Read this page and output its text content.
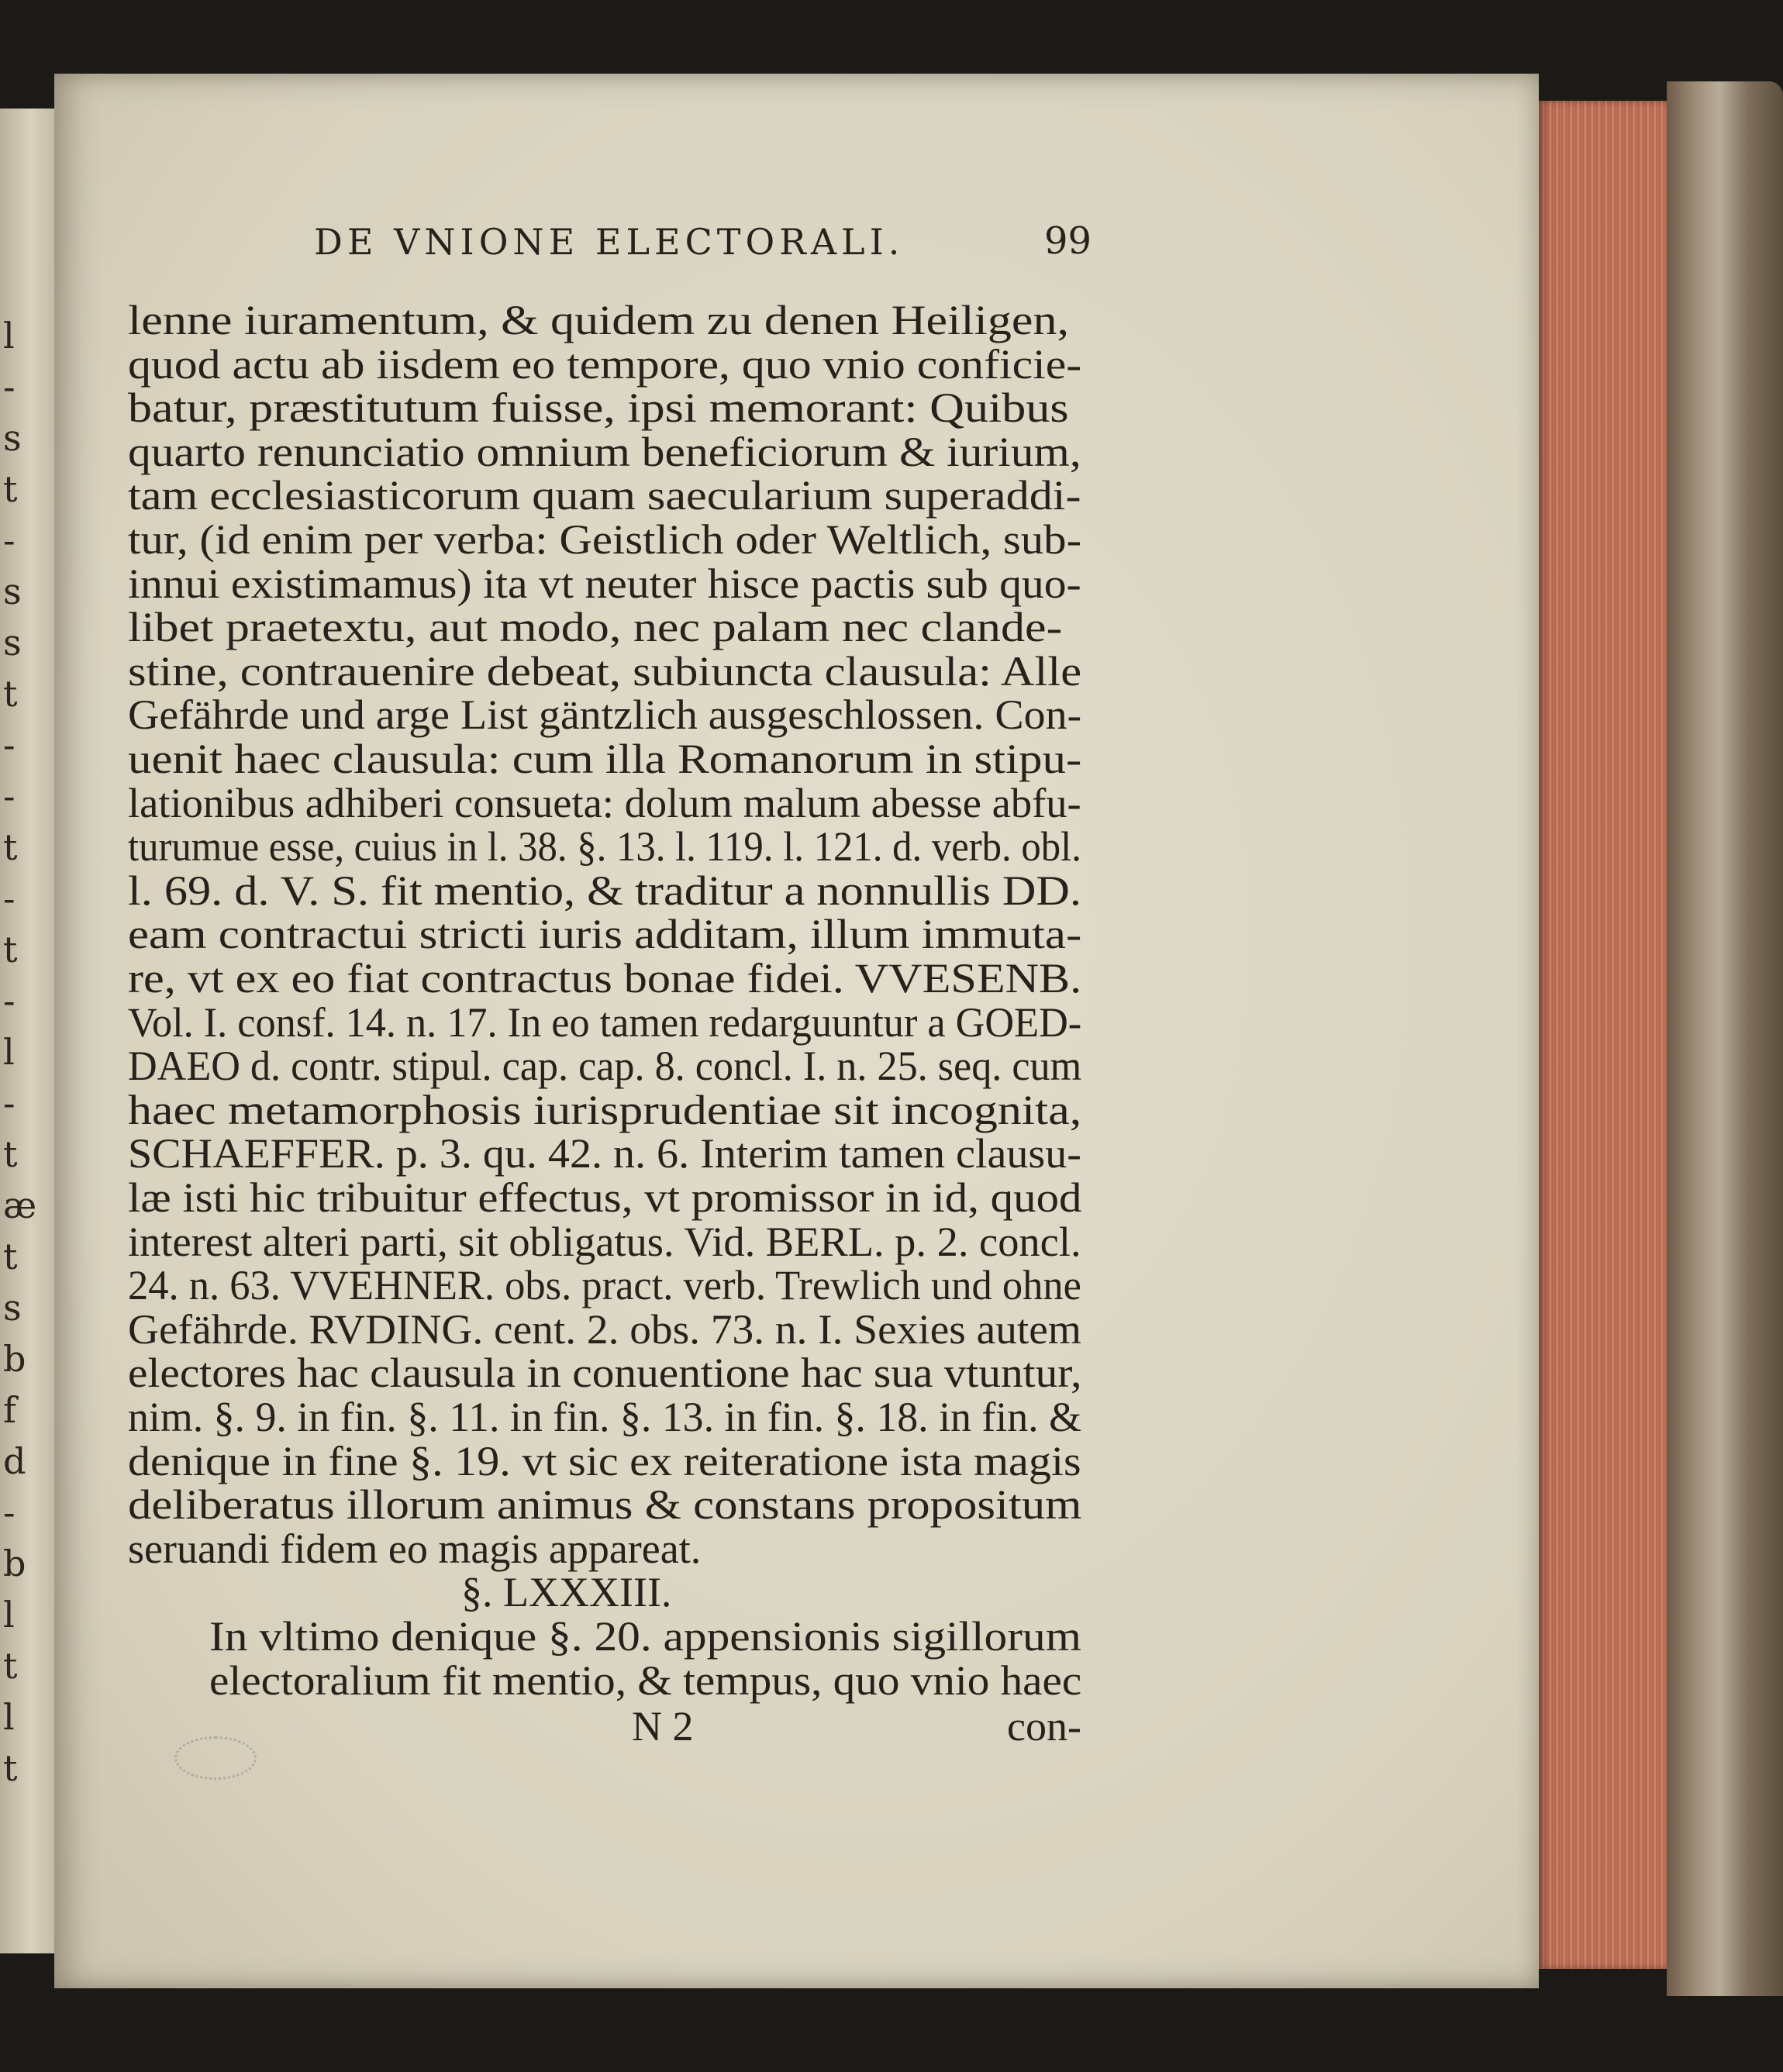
l
-
s
t
-
s
s
t
-
-
t
-
t
-
l
-
t
æ
t
s
b
f
d
-
b
l
t
l
t
DE VNIONE ELECTORALI.	99
lenne iuramentum, & quidem zu denen Heiligen,
quod actu ab iisdem eo tempore, quo vnio conficie-
batur, præstitutum fuisse, ipsi memorant: Quibus
quarto renunciatio omnium beneficiorum & iurium,
tam ecclesiasticorum quam saecularium superaddi-
tur, (id enim per verba: Geistlich oder Weltlich, sub-
innui existimamus) ita vt neuter hisce pactis sub quo-
libet praetextu, aut modo, nec palam nec clande-
stine, contrauenire debeat, subiuncta clausula: Alle
Gefährde und arge List gäntzlich ausgeschlossen. Con-
uenit haec clausula: cum illa Romanorum in stipu-
lationibus adhiberi consueta: dolum malum abesse abfu-
turumue esse, cuius in l. 38. §. 13. l. 119. l. 121. d. verb. obl.
l. 69. d. V. S. fit mentio, & traditur a nonnullis DD.
eam contractui stricti iuris additam, illum immuta-
re, vt ex eo fiat contractus bonae fidei. VVESENB.
Vol. I. consf. 14. n. 17. In eo tamen redarguuntur a GOED-
DAEO d. contr. stipul. cap. cap. 8. concl. I. n. 25. seq. cum
haec metamorphosis iurisprudentiae sit incognita,
SCHAEFFER. p. 3. qu. 42. n. 6. Interim tamen clausu-
læ isti hic tribuitur effectus, vt promissor in id, quod
interest alteri parti, sit obligatus. Vid. BERL. p. 2. concl.
24. n. 63. VVEHNER. obs. pract. verb. Trewlich und ohne
Gefährde. RVDING. cent. 2. obs. 73. n. I. Sexies autem
electores hac clausula in conuentione hac sua vtuntur,
nim. §. 9. in fin. §. 11. in fin. §. 13. in fin. §. 18. in fin. &
denique in fine §. 19. vt sic ex reiteratione ista magis
deliberatus illorum animus & constans propositum
seruandi fidem eo magis appareat.
§. LXXXIII.
In vltimo denique §. 20. appensionis sigillorum
electoralium fit mentio, & tempus, quo vnio haec
N 2	con-
